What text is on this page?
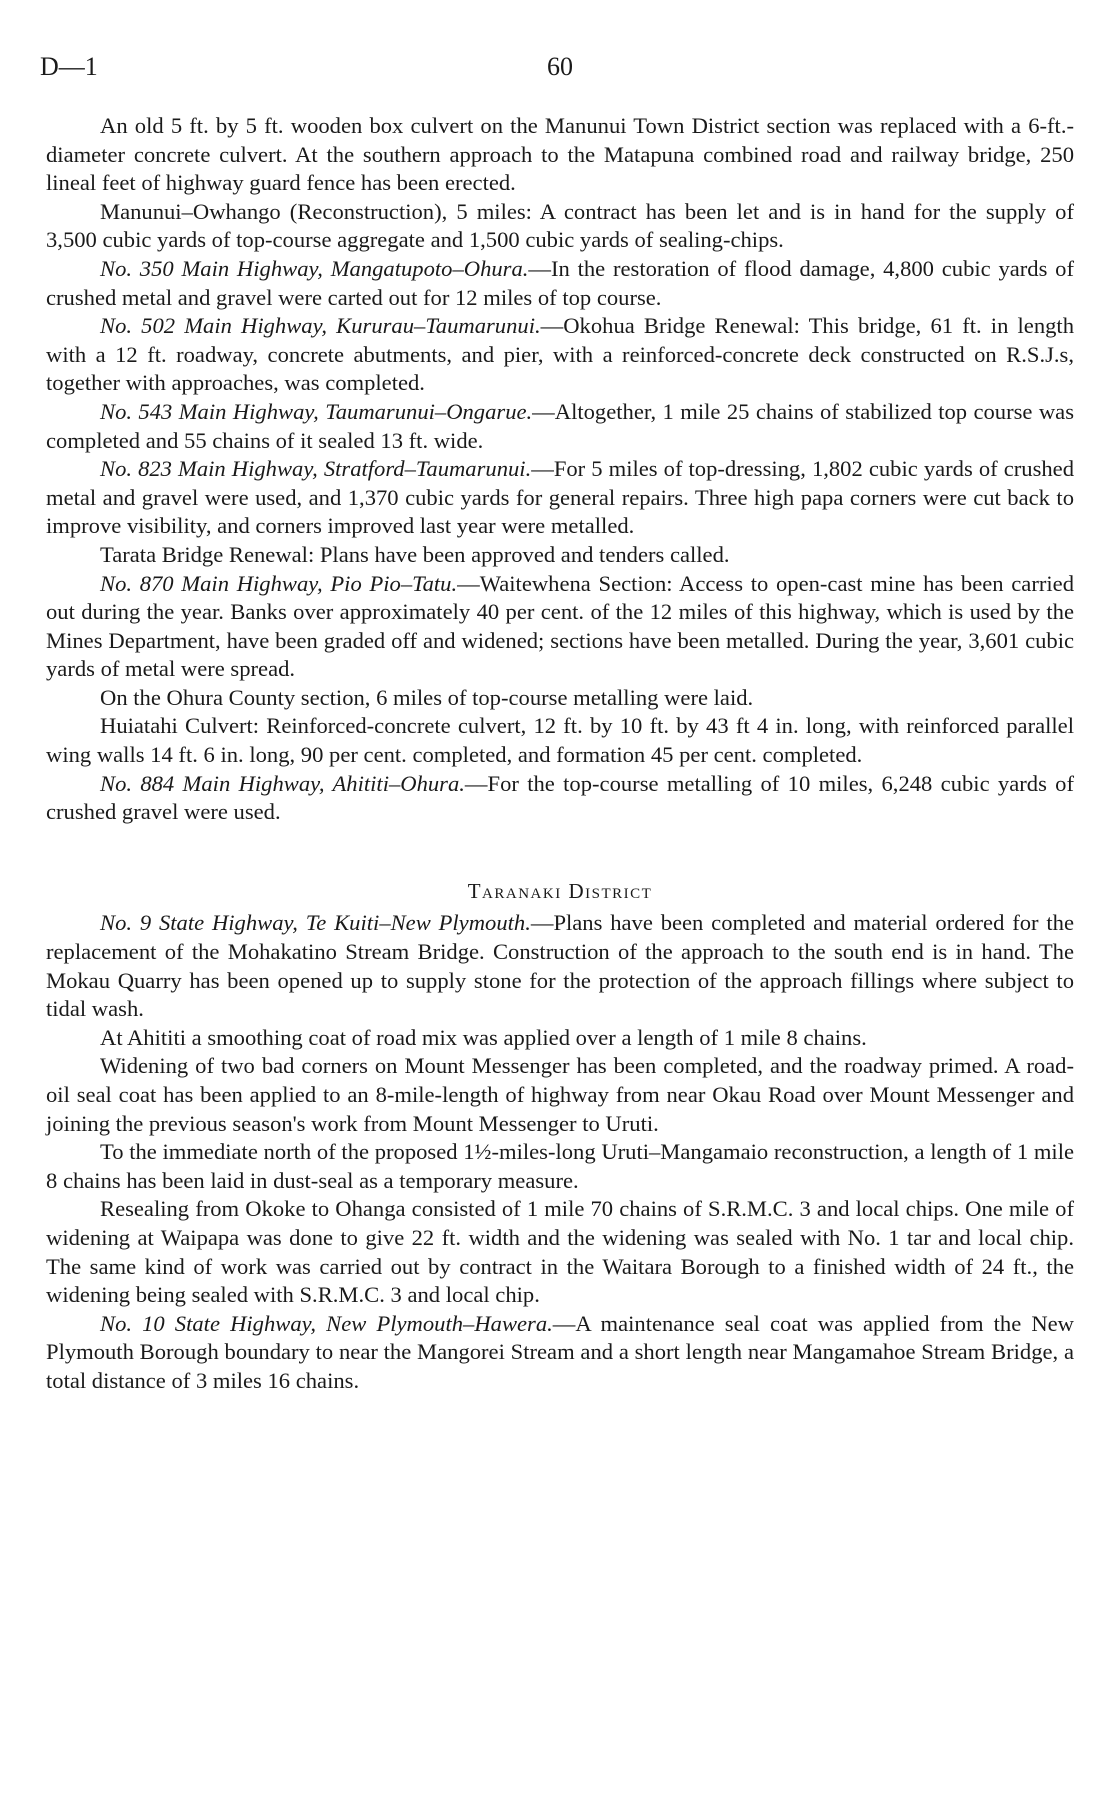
D—1	60

An old 5 ft. by 5 ft. wooden box culvert on the Manunui Town District section was replaced with a 6-ft.-diameter concrete culvert. At the southern approach to the Matapuna combined road and railway bridge, 250 lineal feet of highway guard fence has been erected.

Manunui–Owhango (Reconstruction), 5 miles: A contract has been let and is in hand for the supply of 3,500 cubic yards of top-course aggregate and 1,500 cubic yards of sealing-chips.

No. 350 Main Highway, Mangatupoto–Ohura.—In the restoration of flood damage, 4,800 cubic yards of crushed metal and gravel were carted out for 12 miles of top course.

No. 502 Main Highway, Kururau–Taumarunui.—Okohua Bridge Renewal: This bridge, 61 ft. in length with a 12 ft. roadway, concrete abutments, and pier, with a reinforced-concrete deck constructed on R.S.J.s, together with approaches, was completed.

No. 543 Main Highway, Taumarunui–Ongarue.—Altogether, 1 mile 25 chains of stabilized top course was completed and 55 chains of it sealed 13 ft. wide.

No. 823 Main Highway, Stratford–Taumarunui.—For 5 miles of top-dressing, 1,802 cubic yards of crushed metal and gravel were used, and 1,370 cubic yards for general repairs. Three high papa corners were cut back to improve visibility, and corners improved last year were metalled.

Tarata Bridge Renewal: Plans have been approved and tenders called.

No. 870 Main Highway, Pio Pio–Tatu.—Waitewhena Section: Access to open-cast mine has been carried out during the year. Banks over approximately 40 per cent. of the 12 miles of this highway, which is used by the Mines Department, have been graded off and widened; sections have been metalled. During the year, 3,601 cubic yards of metal were spread.

On the Ohura County section, 6 miles of top-course metalling were laid.

Huiatahi Culvert: Reinforced-concrete culvert, 12 ft. by 10 ft. by 43 ft 4 in. long, with reinforced parallel wing walls 14 ft. 6 in. long, 90 per cent. completed, and formation 45 per cent. completed.

No. 884 Main Highway, Ahititi–Ohura.—For the top-course metalling of 10 miles, 6,248 cubic yards of crushed gravel were used.

Taranaki District

No. 9 State Highway, Te Kuiti–New Plymouth.—Plans have been completed and material ordered for the replacement of the Mohakatino Stream Bridge. Construction of the approach to the south end is in hand. The Mokau Quarry has been opened up to supply stone for the protection of the approach fillings where subject to tidal wash.

At Ahititi a smoothing coat of road mix was applied over a length of 1 mile 8 chains.

Widening of two bad corners on Mount Messenger has been completed, and the roadway primed. A road-oil seal coat has been applied to an 8-mile-length of highway from near Okau Road over Mount Messenger and joining the previous season's work from Mount Messenger to Uruti.

To the immediate north of the proposed 1½-miles-long Uruti–Mangamaio reconstruction, a length of 1 mile 8 chains has been laid in dust-seal as a temporary measure.

Resealing from Okoke to Ohanga consisted of 1 mile 70 chains of S.R.M.C. 3 and local chips. One mile of widening at Waipapa was done to give 22 ft. width and the widening was sealed with No. 1 tar and local chip. The same kind of work was carried out by contract in the Waitara Borough to a finished width of 24 ft., the widening being sealed with S.R.M.C. 3 and local chip.

No. 10 State Highway, New Plymouth–Hawera.—A maintenance seal coat was applied from the New Plymouth Borough boundary to near the Mangorei Stream and a short length near Mangamahoe Stream Bridge, a total distance of 3 miles 16 chains.
